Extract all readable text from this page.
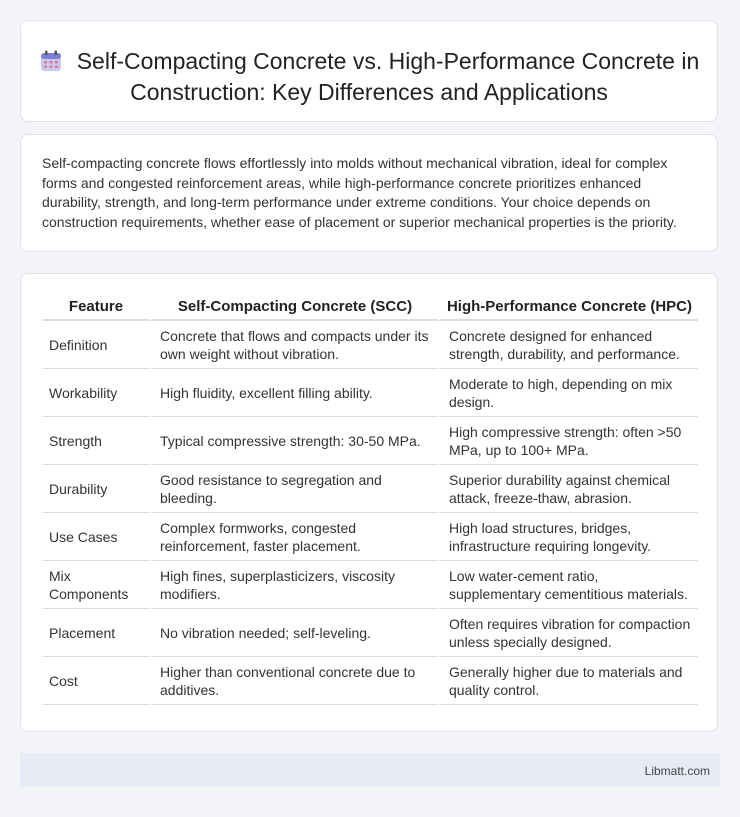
Self-Compacting Concrete vs. High-Performance Concrete in Construction: Key Differences and Applications

Self-compacting concrete flows effortlessly into molds without mechanical vibration, ideal for complex forms and congested reinforcement areas, while high-performance concrete prioritizes enhanced durability, strength, and long-term performance under extreme conditions. Your choice depends on construction requirements, whether ease of placement or superior mechanical properties is the priority.

Feature	Self-Compacting Concrete (SCC)	High-Performance Concrete (HPC)
Definition	Concrete that flows and compacts under its own weight without vibration.	Concrete designed for enhanced strength, durability, and performance.
Workability	High fluidity, excellent filling ability.	Moderate to high, depending on mix design.
Strength	Typical compressive strength: 30-50 MPa.	High compressive strength: often >50 MPa, up to 100+ MPa.
Durability	Good resistance to segregation and bleeding.	Superior durability against chemical attack, freeze-thaw, abrasion.
Use Cases	Complex formworks, congested reinforcement, faster placement.	High load structures, bridges, infrastructure requiring longevity.
Mix Components	High fines, superplasticizers, viscosity modifiers.	Low water-cement ratio, supplementary cementitious materials.
Placement	No vibration needed; self-leveling.	Often requires vibration for compaction unless specially designed.
Cost	Higher than conventional concrete due to additives.	Generally higher due to materials and quality control.
Libmatt.com
